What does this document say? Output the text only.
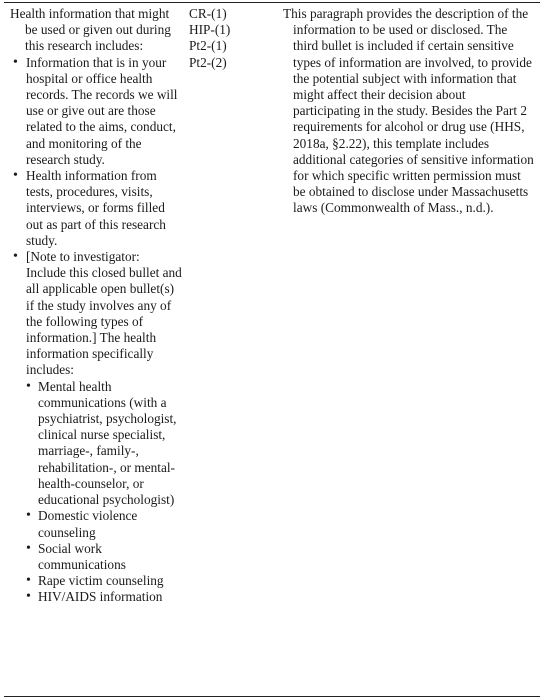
Health information that might be used or given out during this research includes:

• Information that is in your hospital or office health records. The records we will use or give out are those related to the aims, conduct, and monitoring of the research study.
• Health information from tests, procedures, visits, interviews, or forms filled out as part of this research study.
• [Note to investigator: Include this closed bullet and all applicable open bullet(s) if the study involves any of the following types of information.] The health information specifically includes:
• Mental health communications (with a psychiatrist, psychologist, clinical nurse specialist, marriage-, family-, rehabilitation-, or mental-health-counselor, or educational psychologist)
• Domestic violence counseling
• Social work communications
• Rape victim counseling
• HIV/AIDS information
CR-(1)
HIP-(1)
Pt2-(1)
Pt2-(2)

This paragraph provides the description of the information to be used or disclosed. The third bullet is included if certain sensitive types of information are involved, to provide the potential subject with information that might affect their decision about participating in the study. Besides the Part 2 requirements for alcohol or drug use (HHS, 2018a, §2.22), this template includes additional categories of sensitive information for which specific written permission must be obtained to disclose under Massachusetts laws (Commonwealth of Mass., n.d.).
